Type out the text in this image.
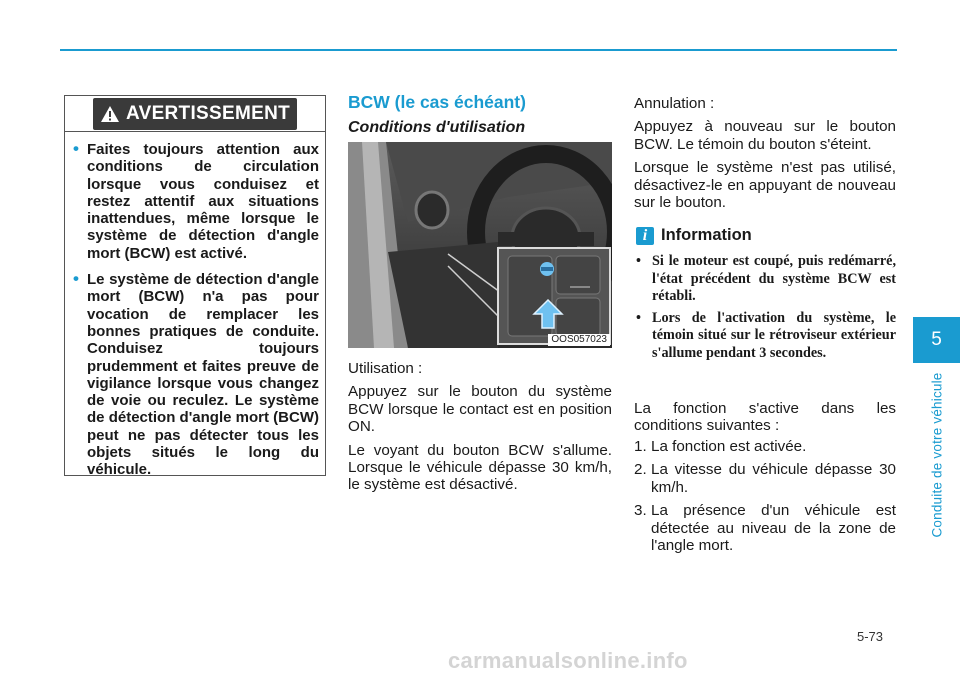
AVERTISSEMENT
• Faites toujours attention aux conditions de circulation lorsque vous conduisez et restez attentif aux situations inattendues, même lorsque le système de détection d'angle mort (BCW) est activé.
• Le système de détection d'angle mort (BCW) n'a pas pour vocation de remplacer les bonnes pratiques de conduite. Conduisez toujours prudemment et faites preuve de vigilance lorsque vous changez de voie ou reculez. Le système de détection d'angle mort (BCW) peut ne pas détecter tous les objets situés le long du véhicule.
BCW (le cas échéant)
Conditions d'utilisation
OOS057023

Utilisation :

Appuyez sur le bouton du système BCW lorsque le contact est en position ON.

Le voyant du bouton BCW s'allume. Lorsque le véhicule dépasse 30 km/h, le système est désactivé.

Annulation :

Appuyez à nouveau sur le bouton BCW. Le témoin du bouton s'éteint.

Lorsque le système n'est pas utilisé, désactivez-le en appuyant de nouveau sur le bouton.

i Information
• Si le moteur est coupé, puis redémarré, l'état précédent du système BCW est rétabli.
• Lors de l'activation du système, le témoin situé sur le rétroviseur extérieur s'allume pendant 3 secondes.
La fonction s'active dans les conditions suivantes :
1. La fonction est activée.
2. La vitesse du véhicule dépasse 30 km/h.
3. La présence d'un véhicule est détectée au niveau de la zone de l'angle mort.
5
Conduite de votre véhicule
5-73
carmanualsonline.info
